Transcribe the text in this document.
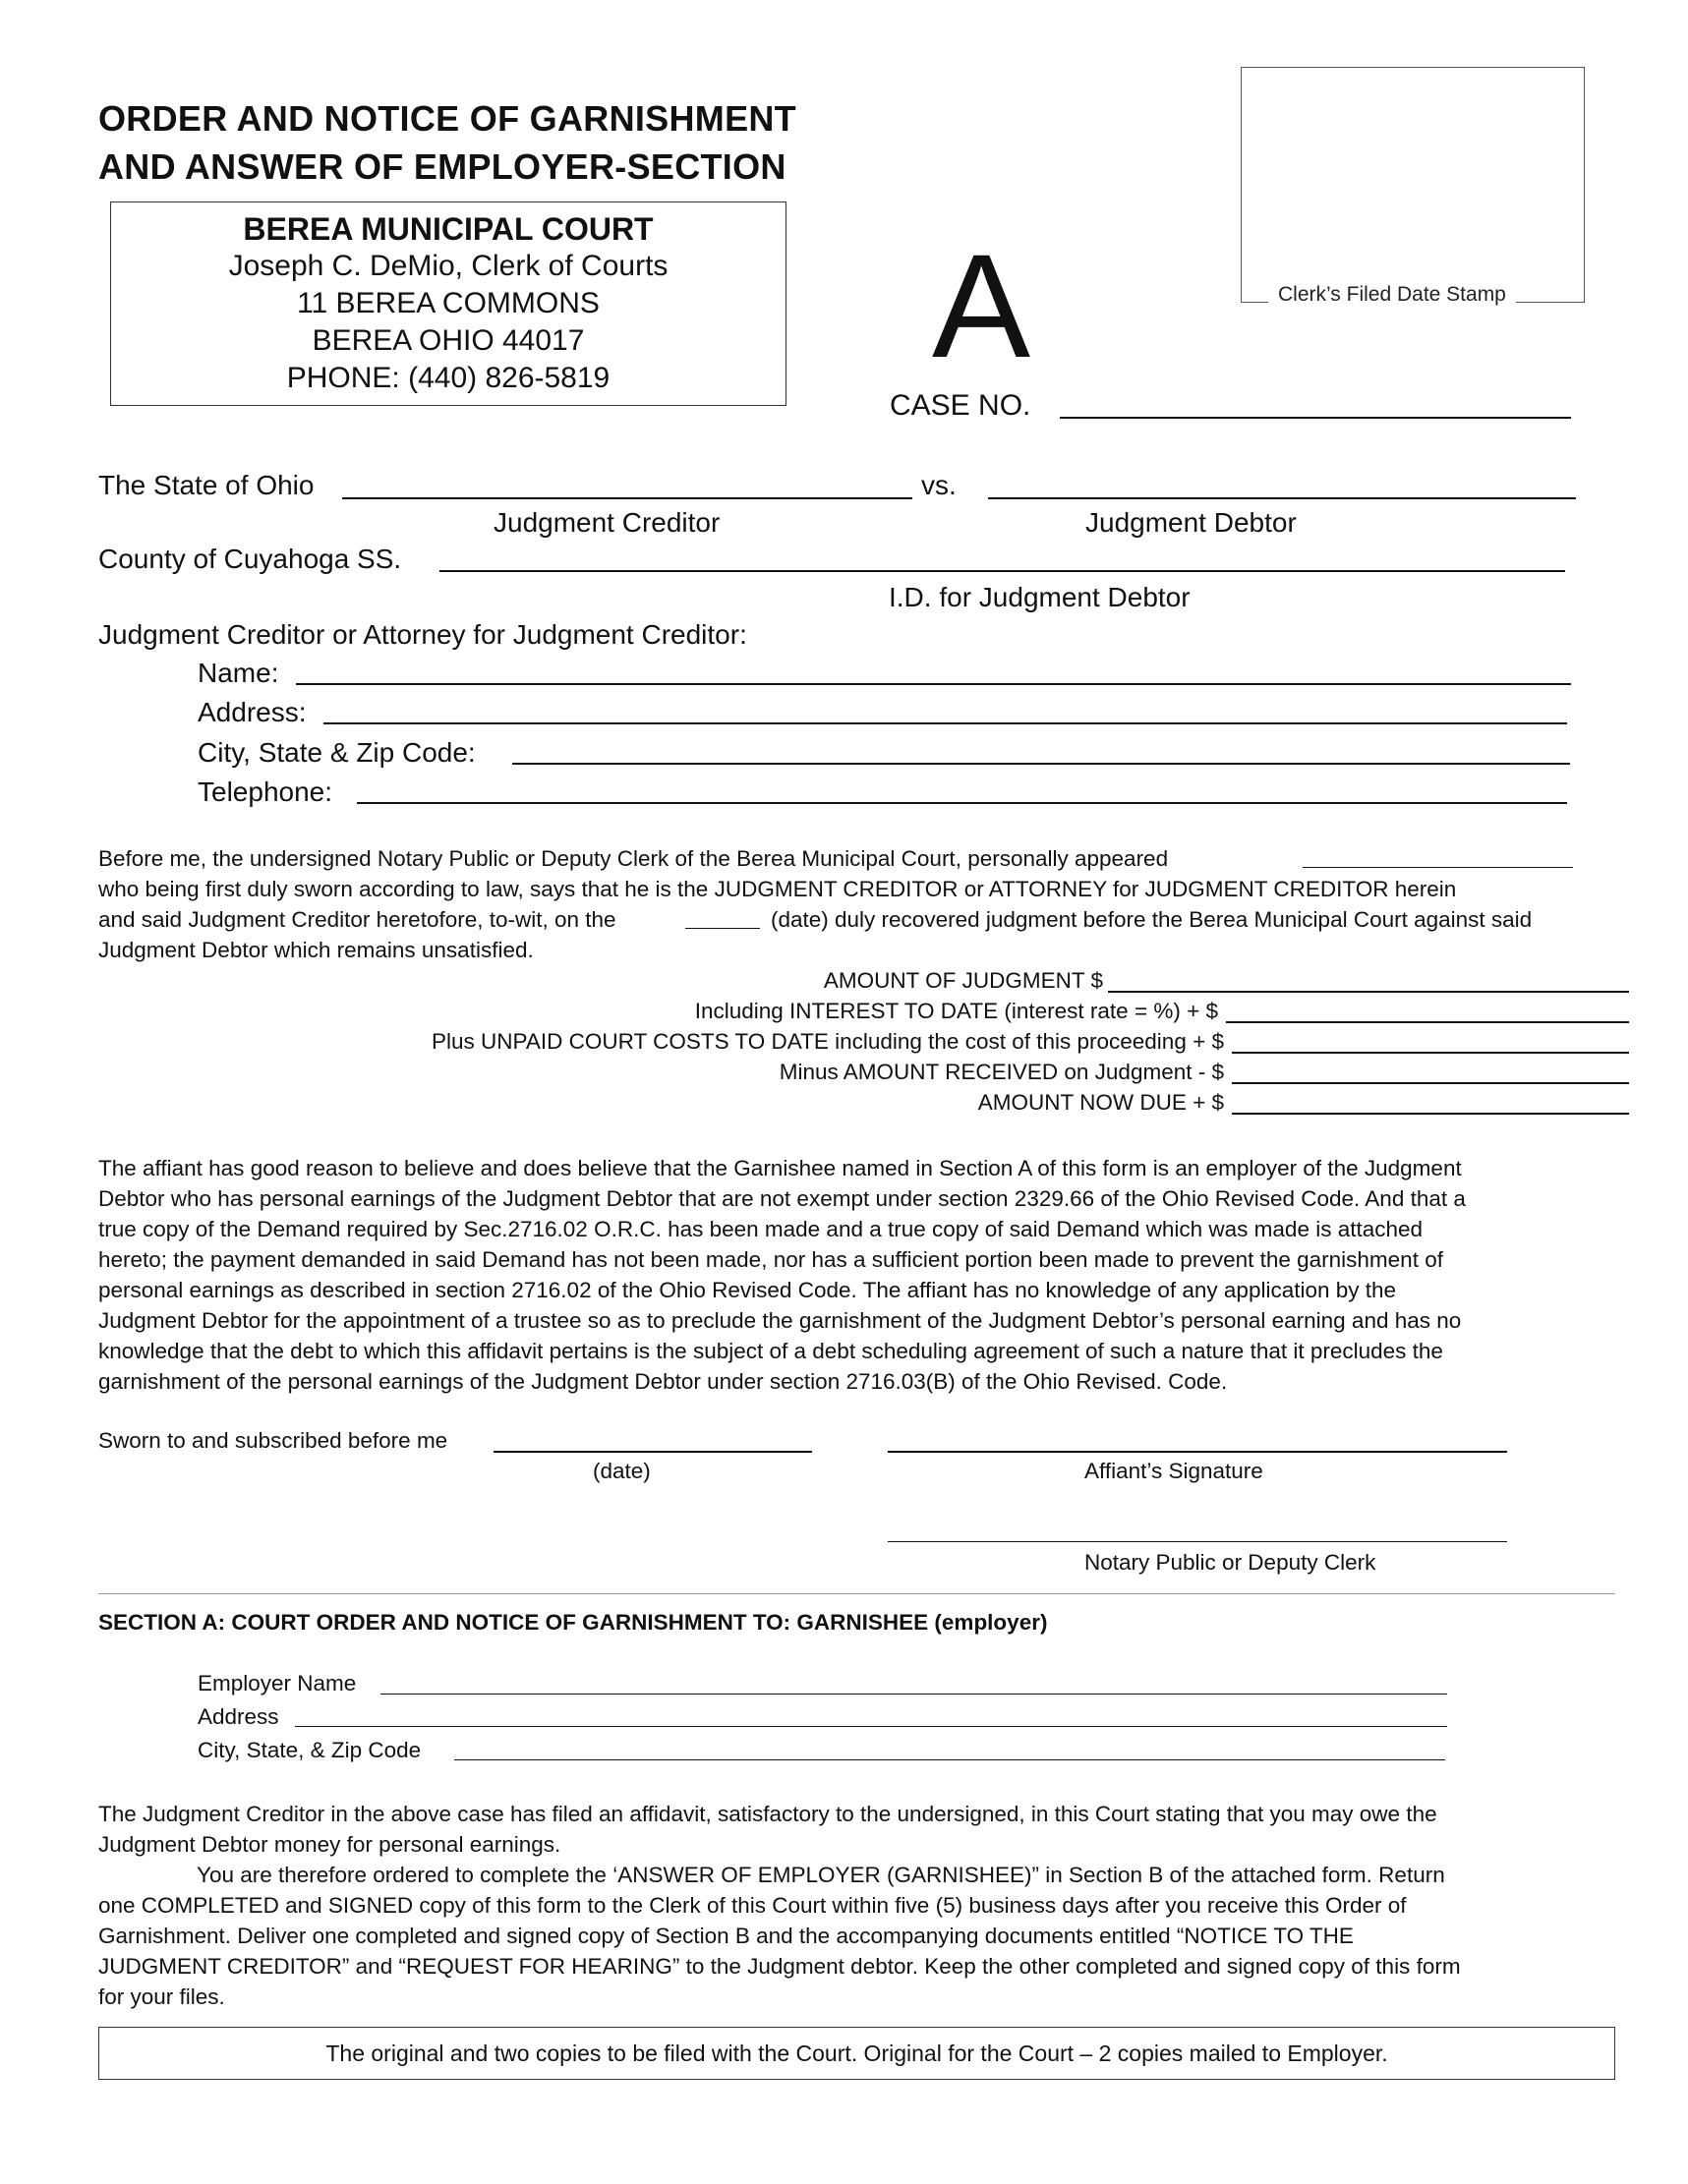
ORDER AND NOTICE OF GARNISHMENT
AND ANSWER OF EMPLOYER-SECTION
BEREA MUNICIPAL COURT
Joseph C. DeMio, Clerk of Courts
11 BEREA COMMONS
BEREA OHIO 44017
PHONE: (440) 826-5819	A	Clerk’s Filed Date Stamp
CASE NO.
The State of Ohio	vs.
Judgment Creditor	Judgment Debtor
County of Cuyahoga SS.
I.D. for Judgment Debtor
Judgment Creditor or Attorney for Judgment Creditor:
Name:
Address:
City, State & Zip Code:
Telephone:
Before me, the undersigned Notary Public or Deputy Clerk of the Berea Municipal Court, personally appeared
who being first duly sworn according to law, says that he is the JUDGMENT CREDITOR or ATTORNEY for JUDGMENT CREDITOR herein
and said Judgment Creditor heretofore, to-wit, on the	(date) duly recovered judgment before the Berea Municipal Court against said
Judgment Debtor which remains unsatisfied.
AMOUNT OF JUDGMENT $
Including INTEREST TO DATE (interest rate = %) + $
Plus UNPAID COURT COSTS TO DATE including the cost of this proceeding + $
Minus AMOUNT RECEIVED on Judgment - $
AMOUNT NOW DUE + $
The affiant has good reason to believe and does believe that the Garnishee named in Section A of this form is an employer of the Judgment
Debtor who has personal earnings of the Judgment Debtor that are not exempt under section 2329.66 of the Ohio Revised Code. And that a
true copy of the Demand required by Sec.2716.02 O.R.C. has been made and a true copy of said Demand which was made is attached
hereto; the payment demanded in said Demand has not been made, nor has a sufficient portion been made to prevent the garnishment of
personal earnings as described in section 2716.02 of the Ohio Revised Code. The affiant has no knowledge of any application by the
Judgment Debtor for the appointment of a trustee so as to preclude the garnishment of the Judgment Debtor’s personal earning and has no
knowledge that the debt to which this affidavit pertains is the subject of a debt scheduling agreement of such a nature that it precludes the
garnishment of the personal earnings of the Judgment Debtor under section 2716.03(B) of the Ohio Revised. Code.
Sworn to and subscribed before me
(date)	Affiant’s Signature
Notary Public or Deputy Clerk
SECTION A: COURT ORDER AND NOTICE OF GARNISHMENT TO: GARNISHEE (employer)
Employer Name
Address
City, State, & Zip Code
The Judgment Creditor in the above case has filed an affidavit, satisfactory to the undersigned, in this Court stating that you may owe the
Judgment Debtor money for personal earnings.
You are therefore ordered to complete the ‘ANSWER OF EMPLOYER (GARNISHEE)” in Section B of the attached form. Return
one COMPLETED and SIGNED copy of this form to the Clerk of this Court within five (5) business days after you receive this Order of
Garnishment. Deliver one completed and signed copy of Section B and the accompanying documents entitled “NOTICE TO THE
JUDGMENT CREDITOR” and “REQUEST FOR HEARING” to the Judgment debtor. Keep the other completed and signed copy of this form
for your files.
The original and two copies to be filed with the Court. Original for the Court – 2 copies mailed to Employer.
